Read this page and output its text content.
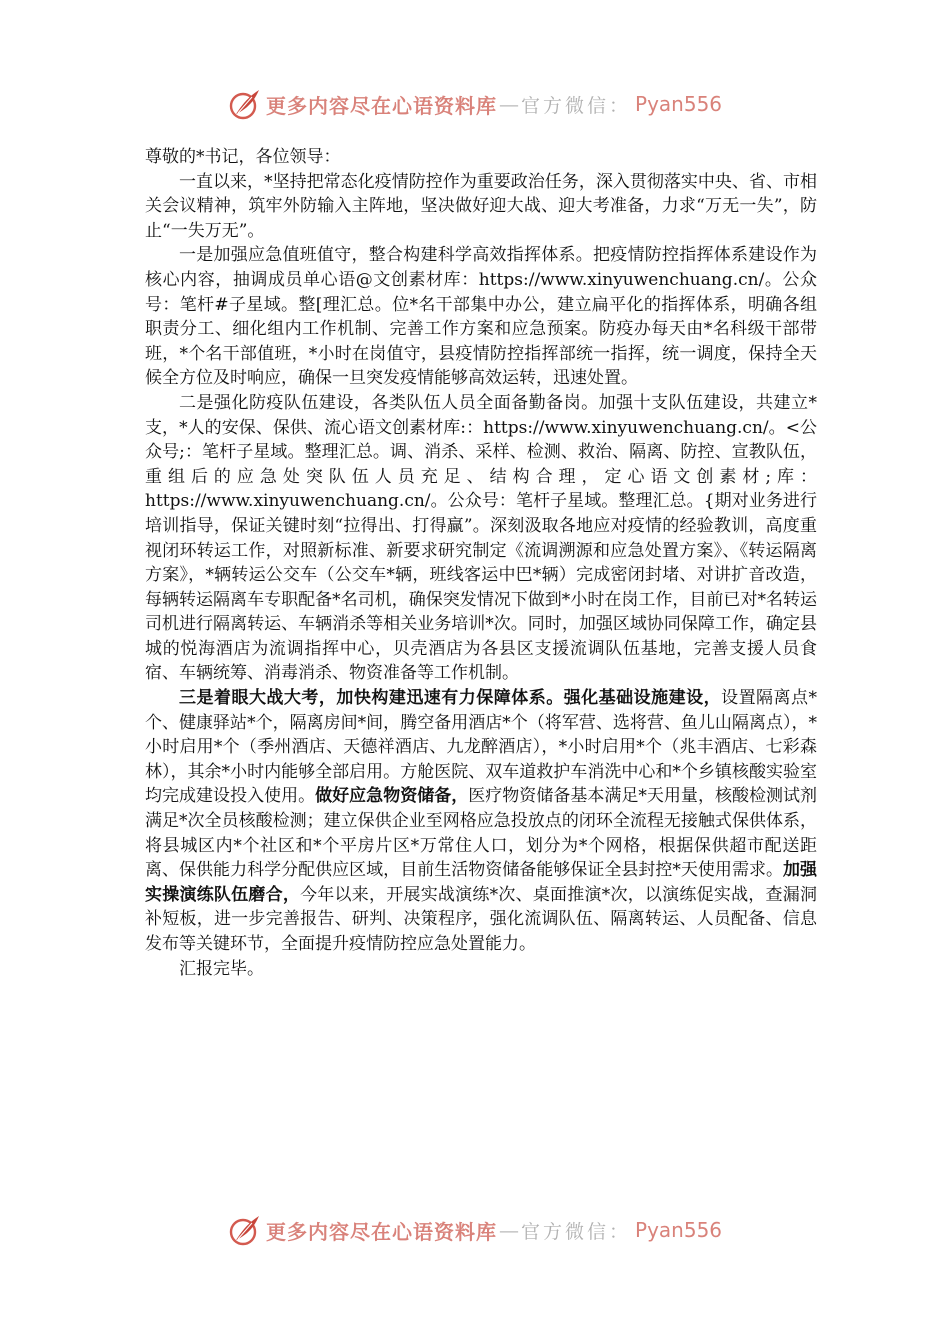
更多内容尽在心语资料库 — 官方微信： Pyan556

尊敬的*书记，各位领导：

一直以来，*坚持把常态化疫情防控作为重要政治任务，深入贯彻落实中央、省、市相关会议精神，筑牢外防输入主阵地，坚决做好迎大战、迎大考准备，力求“万无一失”，防止“一失万无”。

一是加强应急值班值守，整合构建科学高效指挥体系。把疫情防控指挥体系建设作为核心内容，抽调成员单心语@文创素材库：https://www.xinyuwenchuang.cn/。公众号：笔杆#子星域。整[理汇总。位*名干部集中办公，建立扁平化的指挥体系，明确各组职责分工、细化组内工作机制、完善工作方案和应急预案。防疫办每天由*名科级干部带班，*个名干部值班，*小时在岗值守，县疫情防控指挥部统一指挥，统一调度，保持全天候全方位及时响应，确保一旦突发疫情能够高效运转，迅速处置。

二是强化防疫队伍建设，各类队伍人员全面备勤备岗。加强十支队伍建设，共建立*支，*人的安保、保供、流心语文创素材库:：https://www.xinyuwenchuang.cn/。<公众号;：笔杆子星域。整理汇总。调、消杀、采样、检测、救治、隔离、防控、宣教队伍，重组后的应急处突队伍人员充足、结构合理，定心语文创素材;库：https://www.xinyuwenchuang.cn/。公众号：笔杆子星域。整理汇总。{期对业务进行培训指导，保证关键时刻“拉得出、打得赢”。深刻汲取各地应对疫情的经验教训，高度重视闭环转运工作，对照新标准、新要求研究制定《流调溯源和应急处置方案》、《转运隔离方案》，*辆转运公交车（公交车*辆，班线客运中巴*辆）完成密闭封堵、对讲扩音改造，每辆转运隔离车专职配备*名司机，确保突发情况下做到*小时在岗工作，目前已对*名转运司机进行隔离转运、车辆消杀等相关业务培训*次。同时，加强区域协同保障工作，确定县城的悦海酒店为流调指挥中心，贝壳酒店为各县区支援流调队伍基地，完善支援人员食宿、车辆统筹、消毒消杀、物资准备等工作机制。

三是着眼大战大考，加快构建迅速有力保障体系。强化基础设施建设，设置隔离点*个、健康驿站*个，隔离房间*间，腾空备用酒店*个（将军营、选将营、鱼儿山隔离点），*小时启用*个（季州酒店、天德祥酒店、九龙醉酒店），*小时启用*个（兆丰酒店、七彩森林），其余*小时内能够全部启用。方舱医院、双车道救护车消洗中心和*个乡镇核酸实验室均完成建设投入使用。做好应急物资储备，医疗物资储备基本满足*天用量，核酸检测试剂满足*次全员核酸检测；建立保供企业至网格应急投放点的闭环全流程无接触式保供体系，将县城区内*个社区和*个平房片区*万常住人口，划分为*个网格，根据保供超市配送距离、保供能力科学分配供应区域，目前生活物资储备能够保证全县封控*天使用需求。加强实操演练队伍磨合，今年以来，开展实战演练*次、桌面推演*次，以演练促实战，查漏洞补短板，进一步完善报告、研判、决策程序，强化流调队伍、隔离转运、人员配备、信息发布等关键环节，全面提升疫情防控应急处置能力。

汇报完毕。

更多内容尽在心语资料库 — 官方微信： Pyan556
